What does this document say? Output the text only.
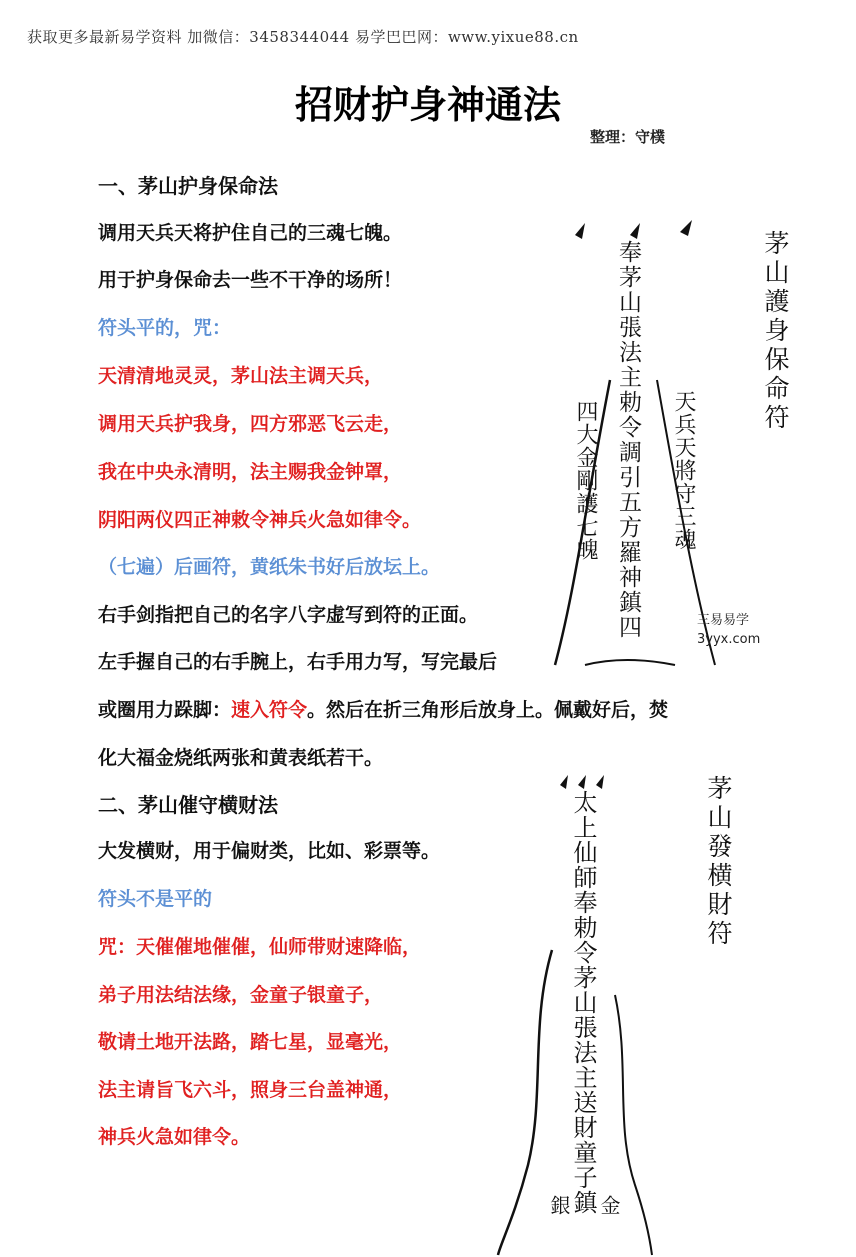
获取更多最新易学资料 加微信：3458344044 易学巴巴网：www.yixue88.cn
招财护身神通法
整理：守樸
一、茅山护身保命法
调用天兵天将护住自己的三魂七魄。
用于护身保命去一些不干净的场所！
符头平的，咒：
天清清地灵灵，茅山法主调天兵，
调用天兵护我身，四方邪恶飞云走，
我在中央永清明，法主赐我金钟罩，
阴阳两仪四正神敕令神兵火急如律令。
（七遍）后画符，黄纸朱书好后放坛上。
右手剑指把自己的名字八字虚写到符的正面。
左手握自己的右手腕上，右手用力写，写完最后
或圈用力跺脚：速入符令。然后在折三角形后放身上。佩戴好后，焚
化大福金烧纸两张和黄表纸若干。
二、茅山催守横财法
大发横财，用于偏财类，比如、彩票等。
符头不是平的
咒：天催催地催催，仙师带财速降临，
弟子用法结法缘，金童子银童子，
敬请土地开法路，踏七星，显毫光，
法主请旨飞六斗，照身三台盖神通，
神兵火急如律令。
奉茅山張法主勅令調引五方羅神鎮四
四大金剛護七魄	天兵天將守三魂
茅山護身保命符
三易易学
3yyx.com
太上仙師奉勅令茅山張法主送財童子鎮
銀 金
茅山發横財符
